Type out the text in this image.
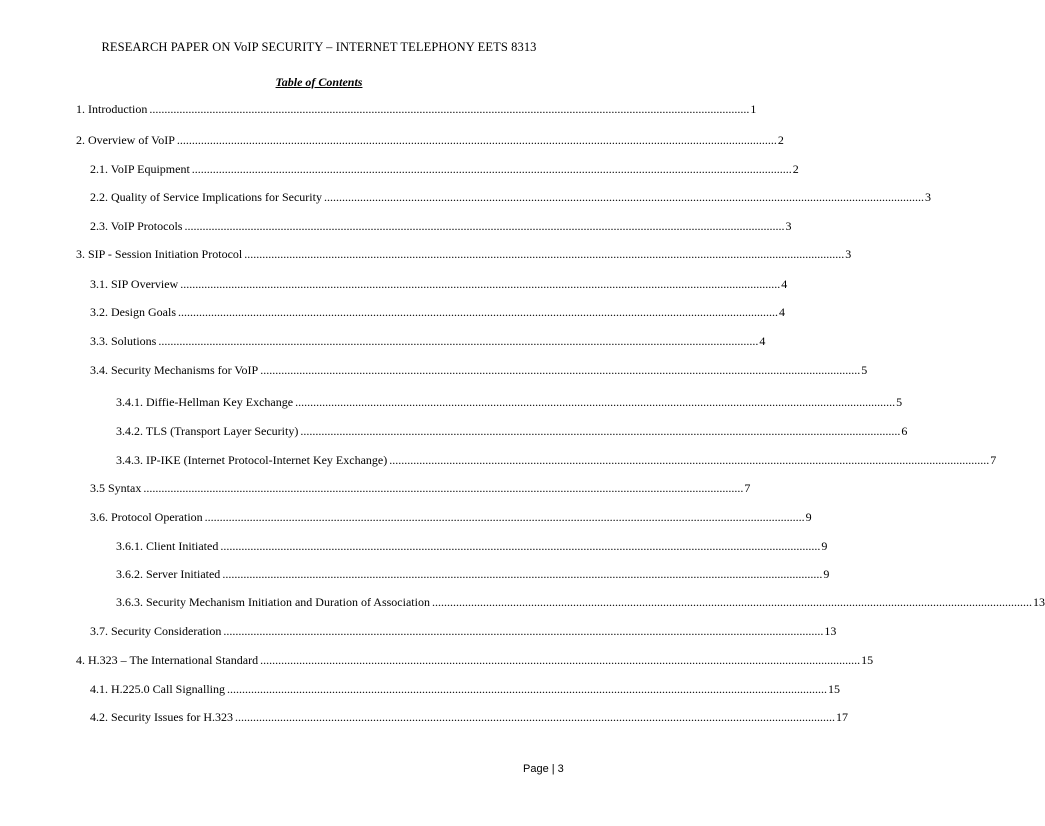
RESEARCH PAPER ON VoIP SECURITY – INTERNET TELEPHONY EETS 8313
Table of Contents
1. Introduction ........................................................................................................................................................................................................ 1
2. Overview of VoIP ........................................................................................................................................................................................................ 2
2.1. VoIP Equipment ........................................................................................................................................................................................................ 2
2.2. Quality of Service Implications for Security ........................................................................................................................................................................................................ 3
2.3. VoIP Protocols ........................................................................................................................................................................................................ 3
3. SIP - Session Initiation Protocol ........................................................................................................................................................................................................ 3
3.1. SIP Overview ........................................................................................................................................................................................................ 4
3.2. Design Goals ........................................................................................................................................................................................................ 4
3.3. Solutions ........................................................................................................................................................................................................ 4
3.4. Security Mechanisms for VoIP ........................................................................................................................................................................................................ 5
3.4.1. Diffie-Hellman Key Exchange ........................................................................................................................................................................................................ 5
3.4.2. TLS (Transport Layer Security) ........................................................................................................................................................................................................ 6
3.4.3. IP-IKE (Internet Protocol-Internet Key Exchange) ........................................................................................................................................................................................................ 7
3.5 Syntax ........................................................................................................................................................................................................ 7
3.6. Protocol Operation ........................................................................................................................................................................................................ 9
3.6.1. Client Initiated ........................................................................................................................................................................................................ 9
3.6.2. Server Initiated ........................................................................................................................................................................................................ 9
3.6.3. Security Mechanism Initiation and Duration of Association ........................................................................................................................................................................................................ 13
3.7. Security Consideration ........................................................................................................................................................................................................ 13
4. H.323 – The International Standard ........................................................................................................................................................................................................ 15
4.1. H.225.0 Call Signalling ........................................................................................................................................................................................................ 15
4.2. Security Issues for H.323 ........................................................................................................................................................................................................ 17
Page | 3
